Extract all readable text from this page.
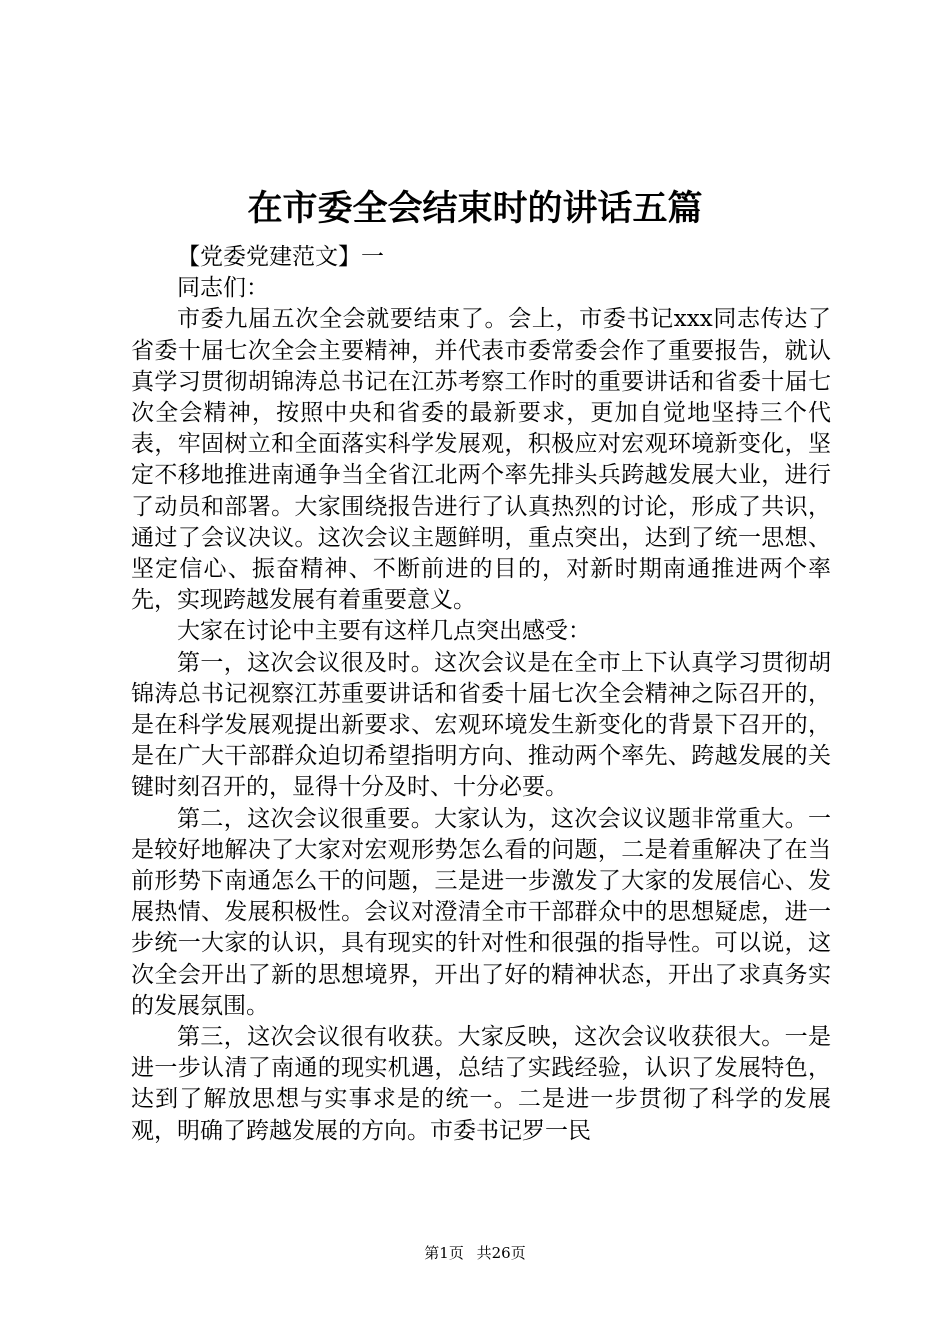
在市委全会结束时的讲话五篇

【党委党建范文】一

同志们：

市委九届五次全会就要结束了。会上，市委书记xxx同志传达了省委十届七次全会主要精神，并代表市委常委会作了重要报告，就认真学习贯彻胡锦涛总书记在江苏考察工作时的重要讲话和省委十届七次全会精神，按照中央和省委的最新要求，更加自觉地坚持三个代表，牢固树立和全面落实科学发展观，积极应对宏观环境新变化，坚定不移地推进南通争当全省江北两个率先排头兵跨越发展大业，进行了动员和部署。大家围绕报告进行了认真热烈的讨论，形成了共识，通过了会议决议。这次会议主题鲜明，重点突出，达到了统一思想、坚定信心、振奋精神、不断前进的目的，对新时期南通推进两个率先，实现跨越发展有着重要意义。

大家在讨论中主要有这样几点突出感受：

第一，这次会议很及时。这次会议是在全市上下认真学习贯彻胡锦涛总书记视察江苏重要讲话和省委十届七次全会精神之际召开的，是在科学发展观提出新要求、宏观环境发生新变化的背景下召开的，是在广大干部群众迫切希望指明方向、推动两个率先、跨越发展的关键时刻召开的，显得十分及时、十分必要。

第二，这次会议很重要。大家认为，这次会议议题非常重大。一是较好地解决了大家对宏观形势怎么看的问题，二是着重解决了在当前形势下南通怎么干的问题，三是进一步激发了大家的发展信心、发展热情、发展积极性。会议对澄清全市干部群众中的思想疑虑，进一步统一大家的认识，具有现实的针对性和很强的指导性。可以说，这次全会开出了新的思想境界，开出了好的精神状态，开出了求真务实的发展氛围。

第三，这次会议很有收获。大家反映，这次会议收获很大。一是进一步认清了南通的现实机遇，总结了实践经验，认识了发展特色，达到了解放思想与实事求是的统一。二是进一步贯彻了科学的发展观，明确了跨越发展的方向。市委书记罗一民

第1页 共26页
